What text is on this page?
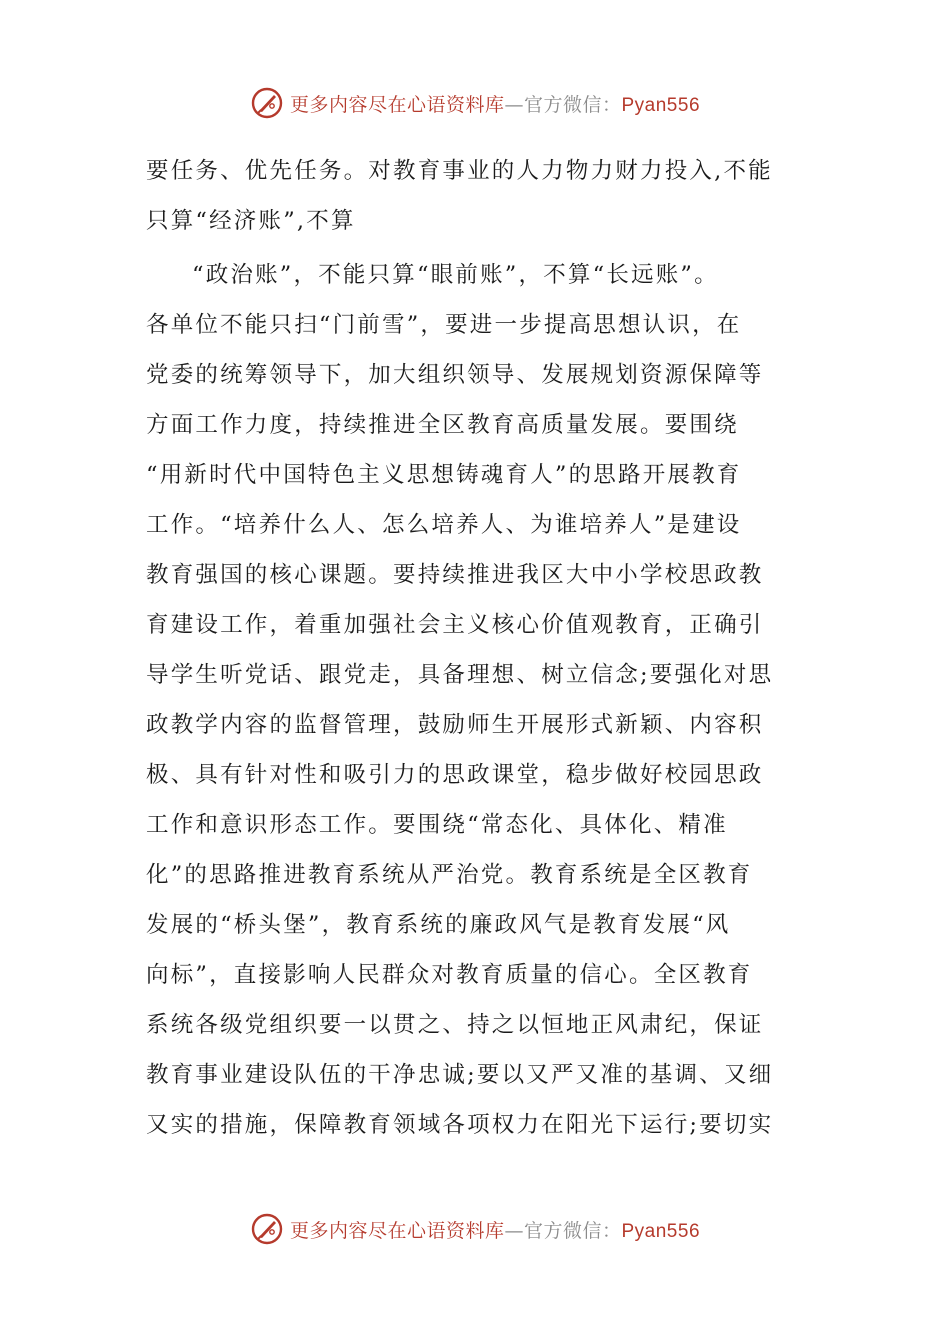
更多内容尽在心语资料库—官方微信：Pyan556
要任务、优先任务。对教育事业的人力物力财力投入,不能
只算“经济账”,不算
“政治账”，不能只算“眼前账”，不算“长远账”。
各单位不能只扫“门前雪”，要进一步提高思想认识，在
党委的统筹领导下，加大组织领导、发展规划资源保障等
方面工作力度，持续推进全区教育高质量发展。要围绕
“用新时代中国特色主义思想铸魂育人”的思路开展教育
工作。“培养什么人、怎么培养人、为谁培养人”是建设
教育强国的核心课题。要持续推进我区大中小学校思政教
育建设工作，着重加强社会主义核心价值观教育，正确引
导学生听党话、跟党走，具备理想、树立信念;要强化对思
政教学内容的监督管理，鼓励师生开展形式新颖、内容积
极、具有针对性和吸引力的思政课堂，稳步做好校园思政
工作和意识形态工作。要围绕“常态化、具体化、精准
化”的思路推进教育系统从严治党。教育系统是全区教育
发展的“桥头堡”，教育系统的廉政风气是教育发展“风
向标”，直接影响人民群众对教育质量的信心。全区教育
系统各级党组织要一以贯之、持之以恒地正风肃纪，保证
教育事业建设队伍的干净忠诚;要以又严又准的基调、又细
又实的措施，保障教育领域各项权力在阳光下运行;要切实
更多内容尽在心语资料库—官方微信：Pyan556
